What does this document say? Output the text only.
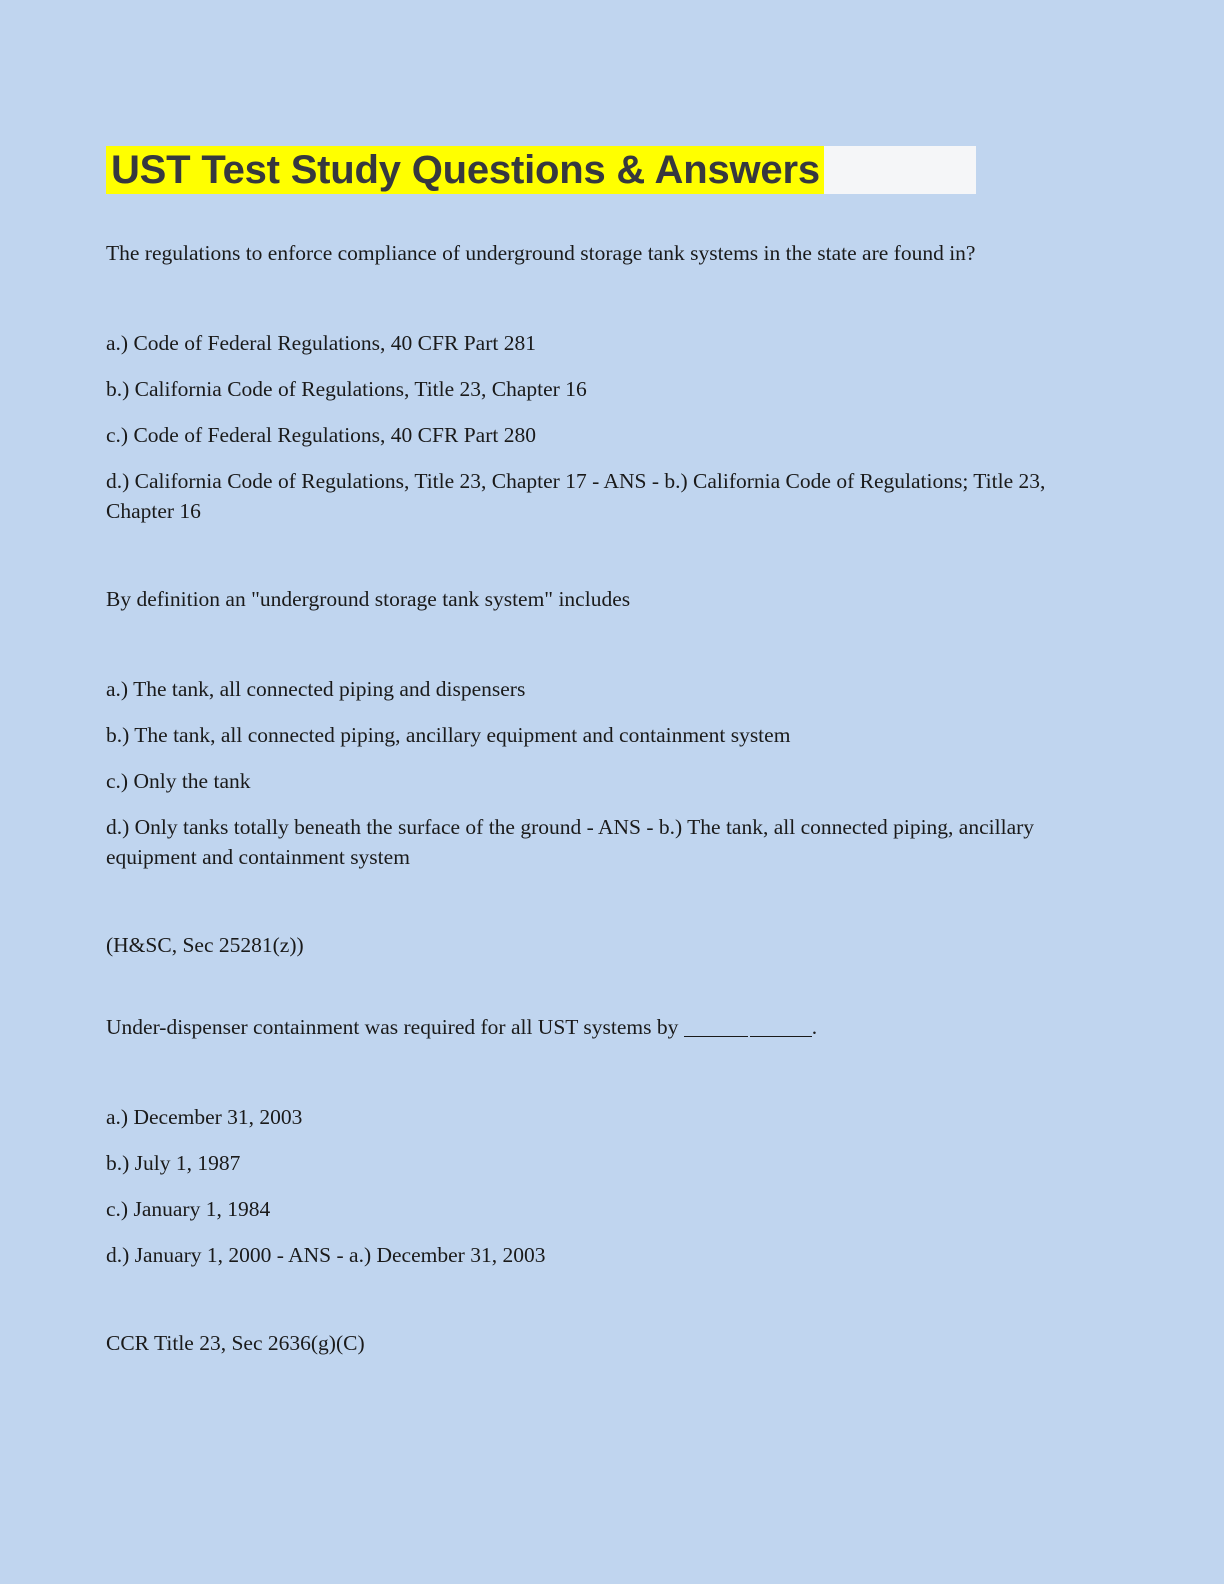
UST Test Study Questions & Answers

The regulations to enforce compliance of underground storage tank systems in the state are found in?

a.) Code of Federal Regulations, 40 CFR Part 281

b.) California Code of Regulations, Title 23, Chapter 16

c.) Code of Federal Regulations, 40 CFR Part 280

d.) California Code of Regulations, Title 23, Chapter 17 - ANS - b.) California Code of Regulations; Title 23, Chapter 16

By definition an "underground storage tank system" includes

a.) The tank, all connected piping and dispensers

b.) The tank, all connected piping, ancillary equipment and containment system

c.) Only the tank

d.) Only tanks totally beneath the surface of the ground - ANS - b.) The tank, all connected piping, ancillary equipment and containment system

(H&SC, Sec 25281(z))

Under-dispenser containment was required for all UST systems by	.

a.) December 31, 2003

b.) July 1, 1987

c.) January 1, 1984

d.) January 1, 2000 - ANS - a.) December 31, 2003

CCR Title 23, Sec 2636(g)(C)
